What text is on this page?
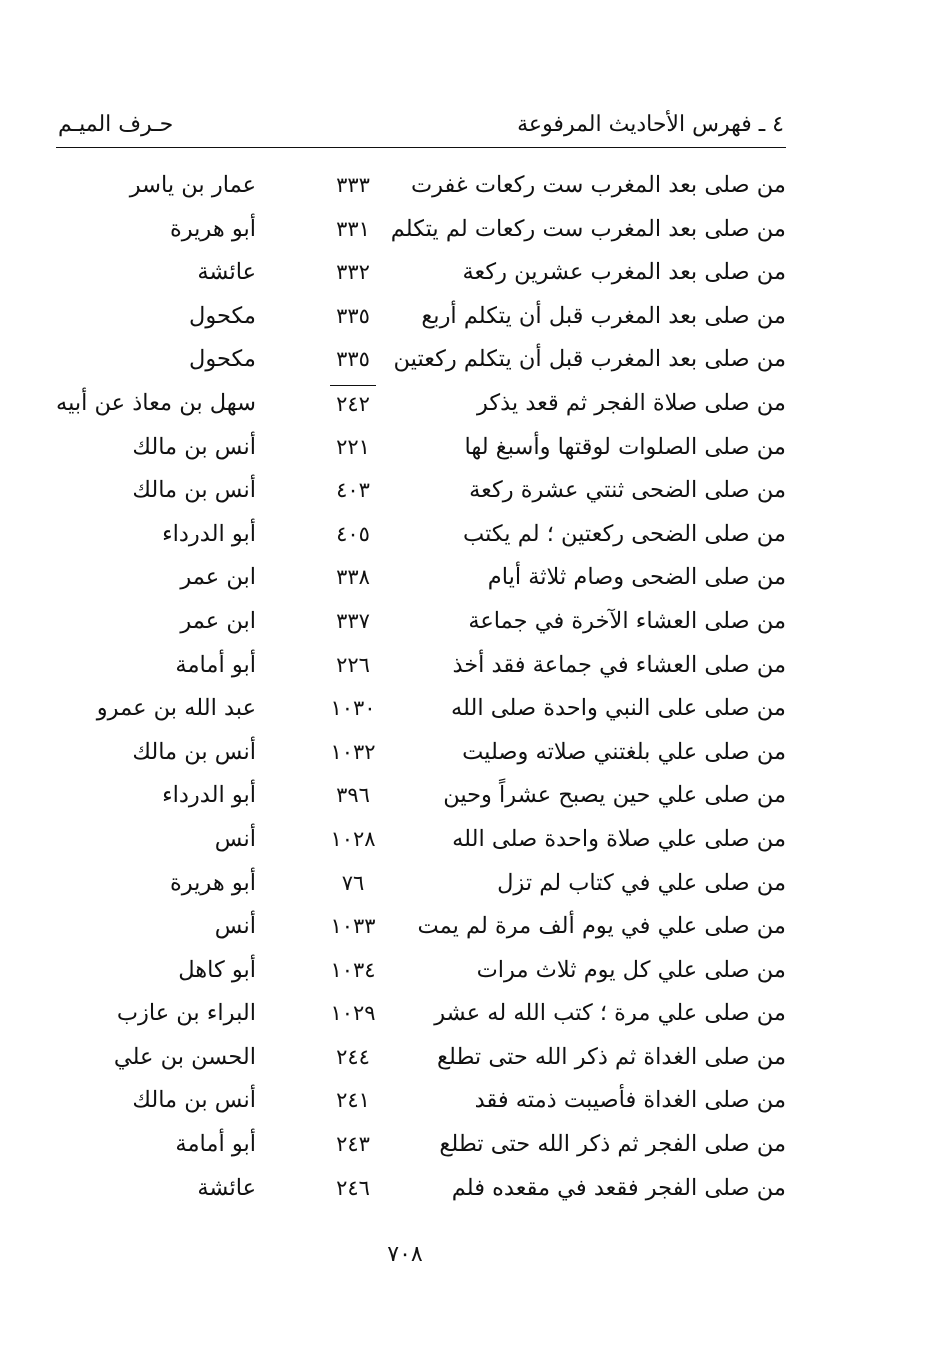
٤ ـ فهرس الأحاديث المرفوعة
حـرف الميـم
من صلى بعد المغرب ست ركعات غفرت
٣٣٣
عمار بن ياسر
من صلى بعد المغرب ست ركعات لم يتكلم
٣٣١
أبو هريرة
من صلى بعد المغرب عشرين ركعة
٣٣٢
عائشة
من صلى بعد المغرب قبل أن يتكلم أربع
٣٣٥
مكحول
من صلى بعد المغرب قبل أن يتكلم ركعتين
٣٣٥
مكحول
من صلى صلاة الفجر ثم قعد يذكر
٢٤٢
سهل بن معاذ عن أبيه
من صلى الصلوات لوقتها وأسبغ لها
٢٢١
أنس بن مالك
من صلى الضحى ثنتي عشرة ركعة
٤٠٣
أنس بن مالك
من صلى الضحى ركعتين ؛ لم يكتب
٤٠٥
أبو الدرداء
من صلى الضحى وصام ثلاثة أيام
٣٣٨
ابن عمر
من صلى العشاء الآخرة في جماعة
٣٣٧
ابن عمر
من صلى العشاء في جماعة فقد أخذ
٢٢٦
أبو أمامة
من صلى على النبي واحدة صلى الله
١٠٣٠
عبد الله بن عمرو
من صلى علي بلغتني صلاته وصليت
١٠٣٢
أنس بن مالك
من صلى علي حين يصبح عشراً وحين
٣٩٦
أبو الدرداء
من صلى علي صلاة واحدة صلى الله
١٠٢٨
أنس
من صلى علي في كتاب لم تزل
٧٦
أبو هريرة
من صلى علي في يوم ألف مرة لم يمت
١٠٣٣
أنس
من صلى علي كل يوم ثلاث مرات
١٠٣٤
أبو كاهل
من صلى علي مرة ؛ كتب الله له عشر
١٠٢٩
البراء بن عازب
من صلى الغداة ثم ذكر الله حتى تطلع
٢٤٤
الحسن بن علي
من صلى الغداة فأصيبت ذمته فقد
٢٤١
أنس بن مالك
من صلى الفجر ثم ذكر الله حتى تطلع
٢٤٣
أبو أمامة
من صلى الفجر فقعد في مقعده فلم
٢٤٦
عائشة
٧٠٨
